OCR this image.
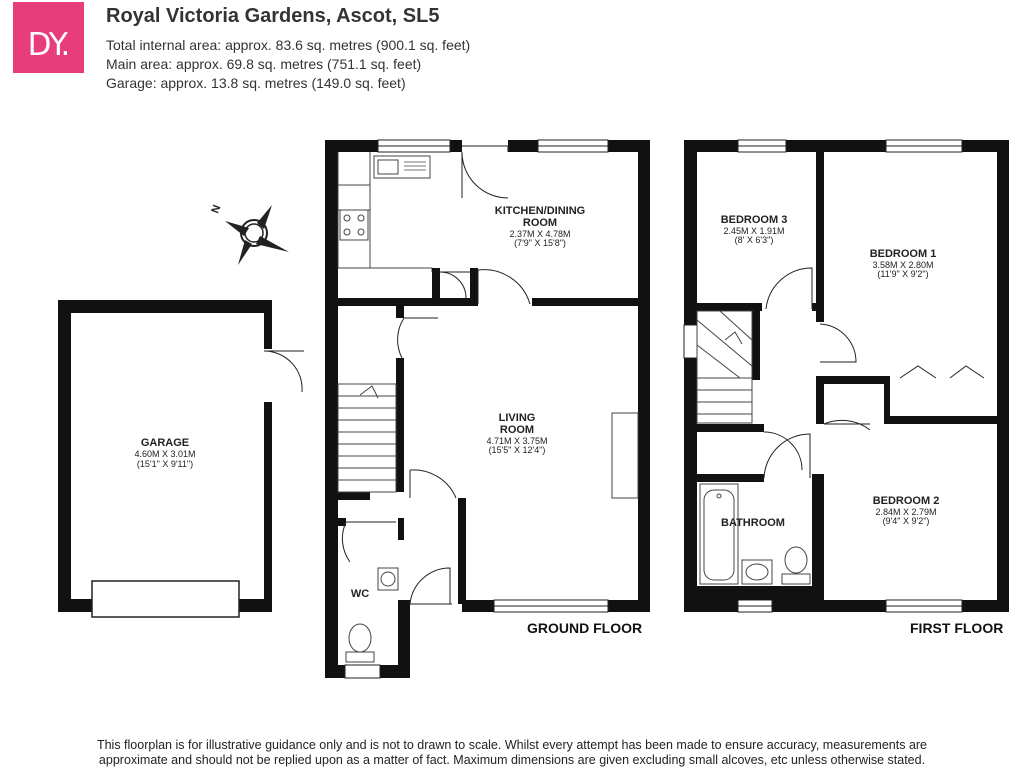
DY.
Royal Victoria Gardens, Ascot, SL5
Total internal area: approx. 83.6 sq. metres (900.1 sq. feet)
Main area: approx. 69.8 sq. metres (751.1 sq. feet)
Garage: approx. 13.8 sq. metres (149.0 sq. feet)
N
GARAGE
4.60M X 3.01M
(15'1" X 9'11")
KITCHEN/DINING
ROOM
2.37M X 4.78M
(7'9" X 15'8")
LIVING
ROOM
4.71M X 3.75M
(15'5" X 12'4")
WC
GROUND FLOOR
BEDROOM 3
2.45M X 1.91M
(8' X 6'3")
BEDROOM 1
3.58M X 2.80M
(11'9" X 9'2")
BEDROOM 2
2.84M X 2.79M
(9'4" X 9'2")
BATHROOM
FIRST FLOOR
This floorplan is for illustrative guidance only and is not to drawn to scale. Whilst every attempt has been made to ensure accuracy, measurements are
approximate and should not be replied upon as a matter of fact. Maximum dimensions are given excluding small alcoves, etc unless otherwise stated.
